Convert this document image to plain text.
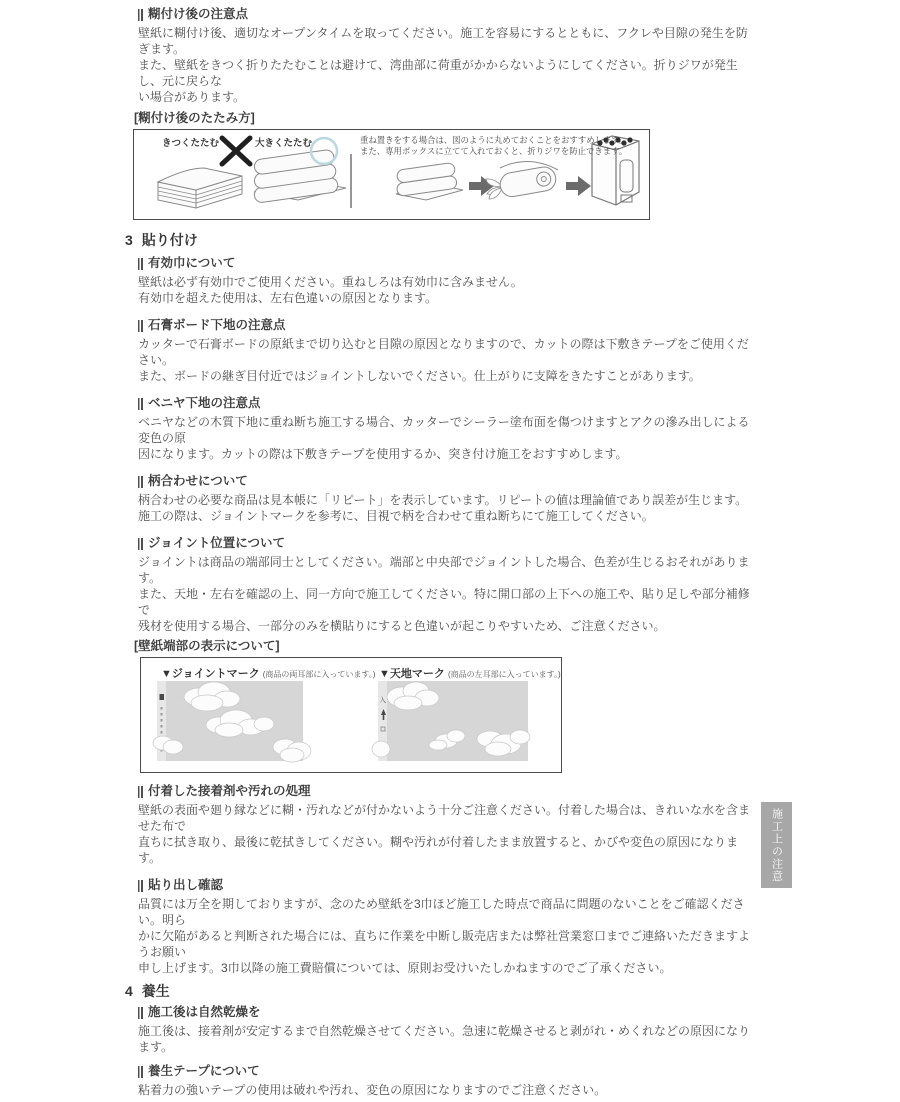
糊付け後の注意点
壁紙に糊付け後、適切なオープンタイムを取ってください。施工を容易にするとともに、フクレや目隙の発生を防ぎます。
また、壁紙をきつく折りたたむことは避けて、湾曲部に荷重がかからないようにしてください。折りジワが発生し、元に戻らな
い場合があります。
[糊付け後のたたみ方]
きつくたたむ	大きくたたむ	重ね置きをする場合は、図のように丸めておくことをおすすめします。
また、専用ボックスに立てて入れておくと、折りジワを防止できます。
3 貼り付け
有効巾について
壁紙は必ず有効巾でご使用ください。重ねしろは有効巾に含みません。
有効巾を超えた使用は、左右色違いの原因となります。
石膏ボード下地の注意点
カッターで石膏ボードの原紙まで切り込むと目隙の原因となりますので、カットの際は下敷きテープをご使用ください。
また、ボードの継ぎ目付近ではジョイントしないでください。仕上がりに支障をきたすことがあります。
ベニヤ下地の注意点
ベニヤなどの木質下地に重ね断ち施工する場合、カッターでシーラー塗布面を傷つけますとアクの滲み出しによる変色の原
因になります。カットの際は下敷きテープを使用するか、突き付け施工をおすすめします。
柄合わせについて
柄合わせの必要な商品は見本帳に「リピート」を表示しています。リピートの値は理論値であり誤差が生じます。
施工の際は、ジョイントマークを参考に、目視で柄を合わせて重ね断ちにて施工してください。
ジョイント位置について
ジョイントは商品の端部同士としてください。端部と中央部でジョイントした場合、色差が生じるおそれがあります。
また、天地・左右を確認の上、同一方向で施工してください。特に開口部の上下への施工や、貼り足しや部分補修で
残材を使用する場合、一部分のみを横貼りにすると色違いが起こりやすいため、ご注意ください。
[壁紙端部の表示について]
▼ジョイントマーク (商品の両耳部に入っています。) ▼天地マーク (商品の左耳部に入っています。)
入
付着した接着剤や汚れの処理
壁紙の表面や廻り縁などに糊・汚れなどが付かないよう十分ご注意ください。付着した場合は、きれいな水を含ませた布で
直ちに拭き取り、最後に乾拭きしてください。糊や汚れが付着したまま放置すると、かびや変色の原因になります。
貼り出し確認
品質には万全を期しておりますが、念のため壁紙を3巾ほど施工した時点で商品に問題のないことをご確認ください。明ら
かに欠陥があると判断された場合には、直ちに作業を中断し販売店または弊社営業窓口までご連絡いただきますようお願い
申し上げます。3巾以降の施工費賠償については、原則お受けいたしかねますのでご了承ください。
4 養生
施工後は自然乾燥を
施工後は、接着剤が安定するまで自然乾燥させてください。急速に乾燥させると剥がれ・めくれなどの原因になります。
養生テープについて
粘着力の強いテープの使用は破れや汚れ、変色の原因になりますのでご注意ください。
施工上の注意
